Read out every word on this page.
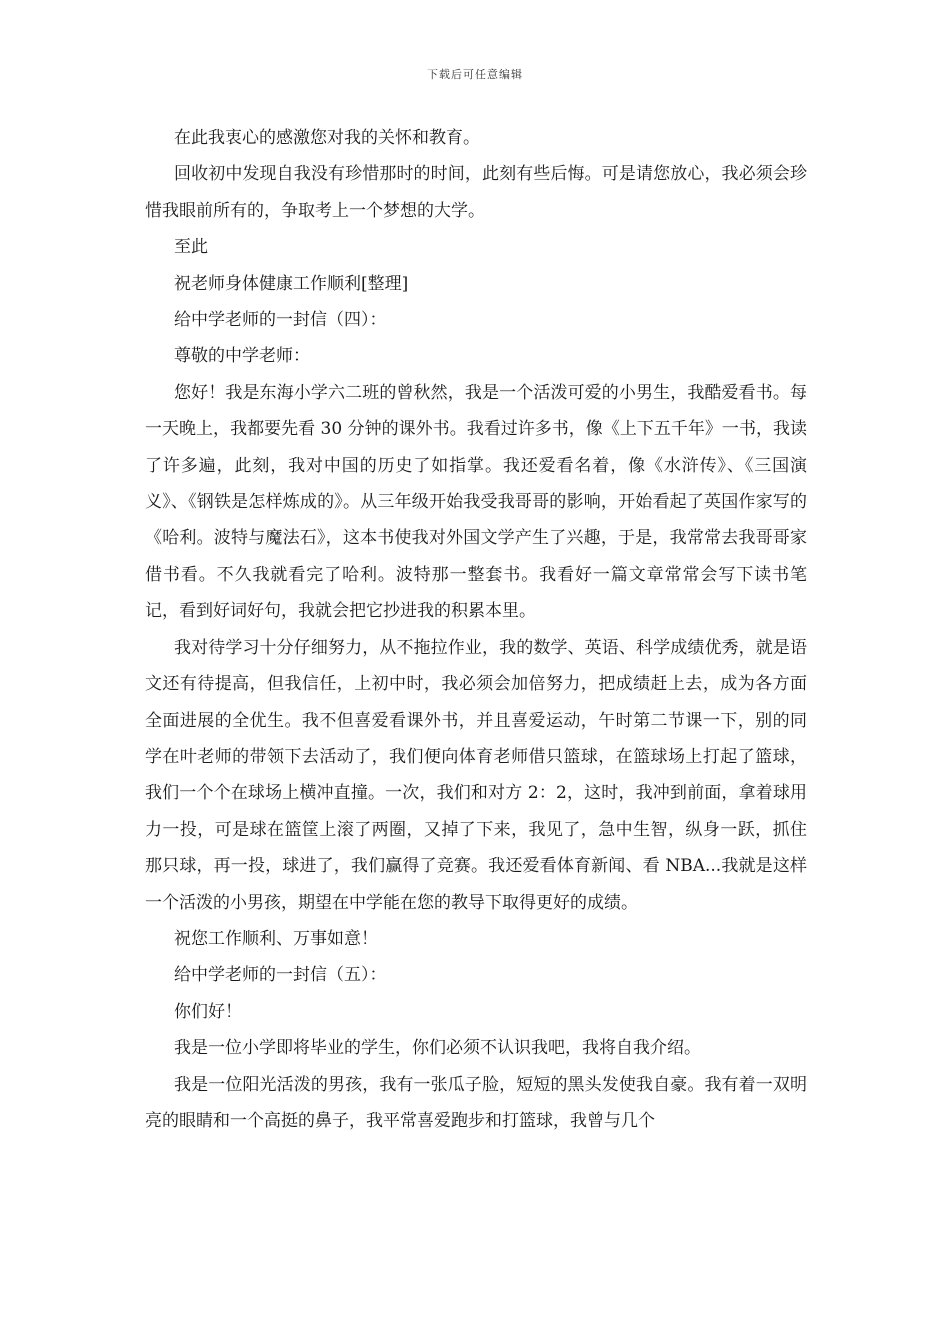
下载后可任意编辑

在此我衷心的感激您对我的关怀和教育。

回收初中发现自我没有珍惜那时的时间，此刻有些后悔。可是请您放心，我必须会珍惜我眼前所有的，争取考上一个梦想的大学。

至此

祝老师身体健康工作顺利[整理]

给中学老师的一封信（四）：

尊敬的中学老师：

您好！我是东海小学六二班的曾秋然，我是一个活泼可爱的小男生，我酷爱看书。每一天晚上，我都要先看 30 分钟的课外书。我看过许多书，像《上下五千年》一书，我读了许多遍，此刻，我对中国的历史了如指掌。我还爱看名着，像《水浒传》、《三国演义》、《钢铁是怎样炼成的》。从三年级开始我受我哥哥的影响，开始看起了英国作家写的《哈利。波特与魔法石》，这本书使我对外国文学产生了兴趣，于是，我常常去我哥哥家借书看。不久我就看完了哈利。波特那一整套书。我看好一篇文章常常会写下读书笔记，看到好词好句，我就会把它抄进我的积累本里。

我对待学习十分仔细努力，从不拖拉作业，我的数学、英语、科学成绩优秀，就是语文还有待提高，但我信任，上初中时，我必须会加倍努力，把成绩赶上去，成为各方面全面进展的全优生。我不但喜爱看课外书，并且喜爱运动，午时第二节课一下，别的同学在叶老师的带领下去活动了，我们便向体育老师借只篮球，在篮球场上打起了篮球，我们一个个在球场上横冲直撞。一次，我们和对方 2：2，这时，我冲到前面，拿着球用力一投，可是球在篮筐上滚了两圈，又掉了下来，我见了，急中生智，纵身一跃，抓住那只球，再一投，球进了，我们赢得了竞赛。我还爱看体育新闻、看 NBA...我就是这样一个活泼的小男孩，期望在中学能在您的教导下取得更好的成绩。

祝您工作顺利、万事如意！

给中学老师的一封信（五）：

你们好！

我是一位小学即将毕业的学生，你们必须不认识我吧，我将自我介绍。

我是一位阳光活泼的男孩，我有一张瓜子脸，短短的黑头发使我自豪。我有着一双明亮的眼睛和一个高挺的鼻子，我平常喜爱跑步和打篮球，我曾与几个
